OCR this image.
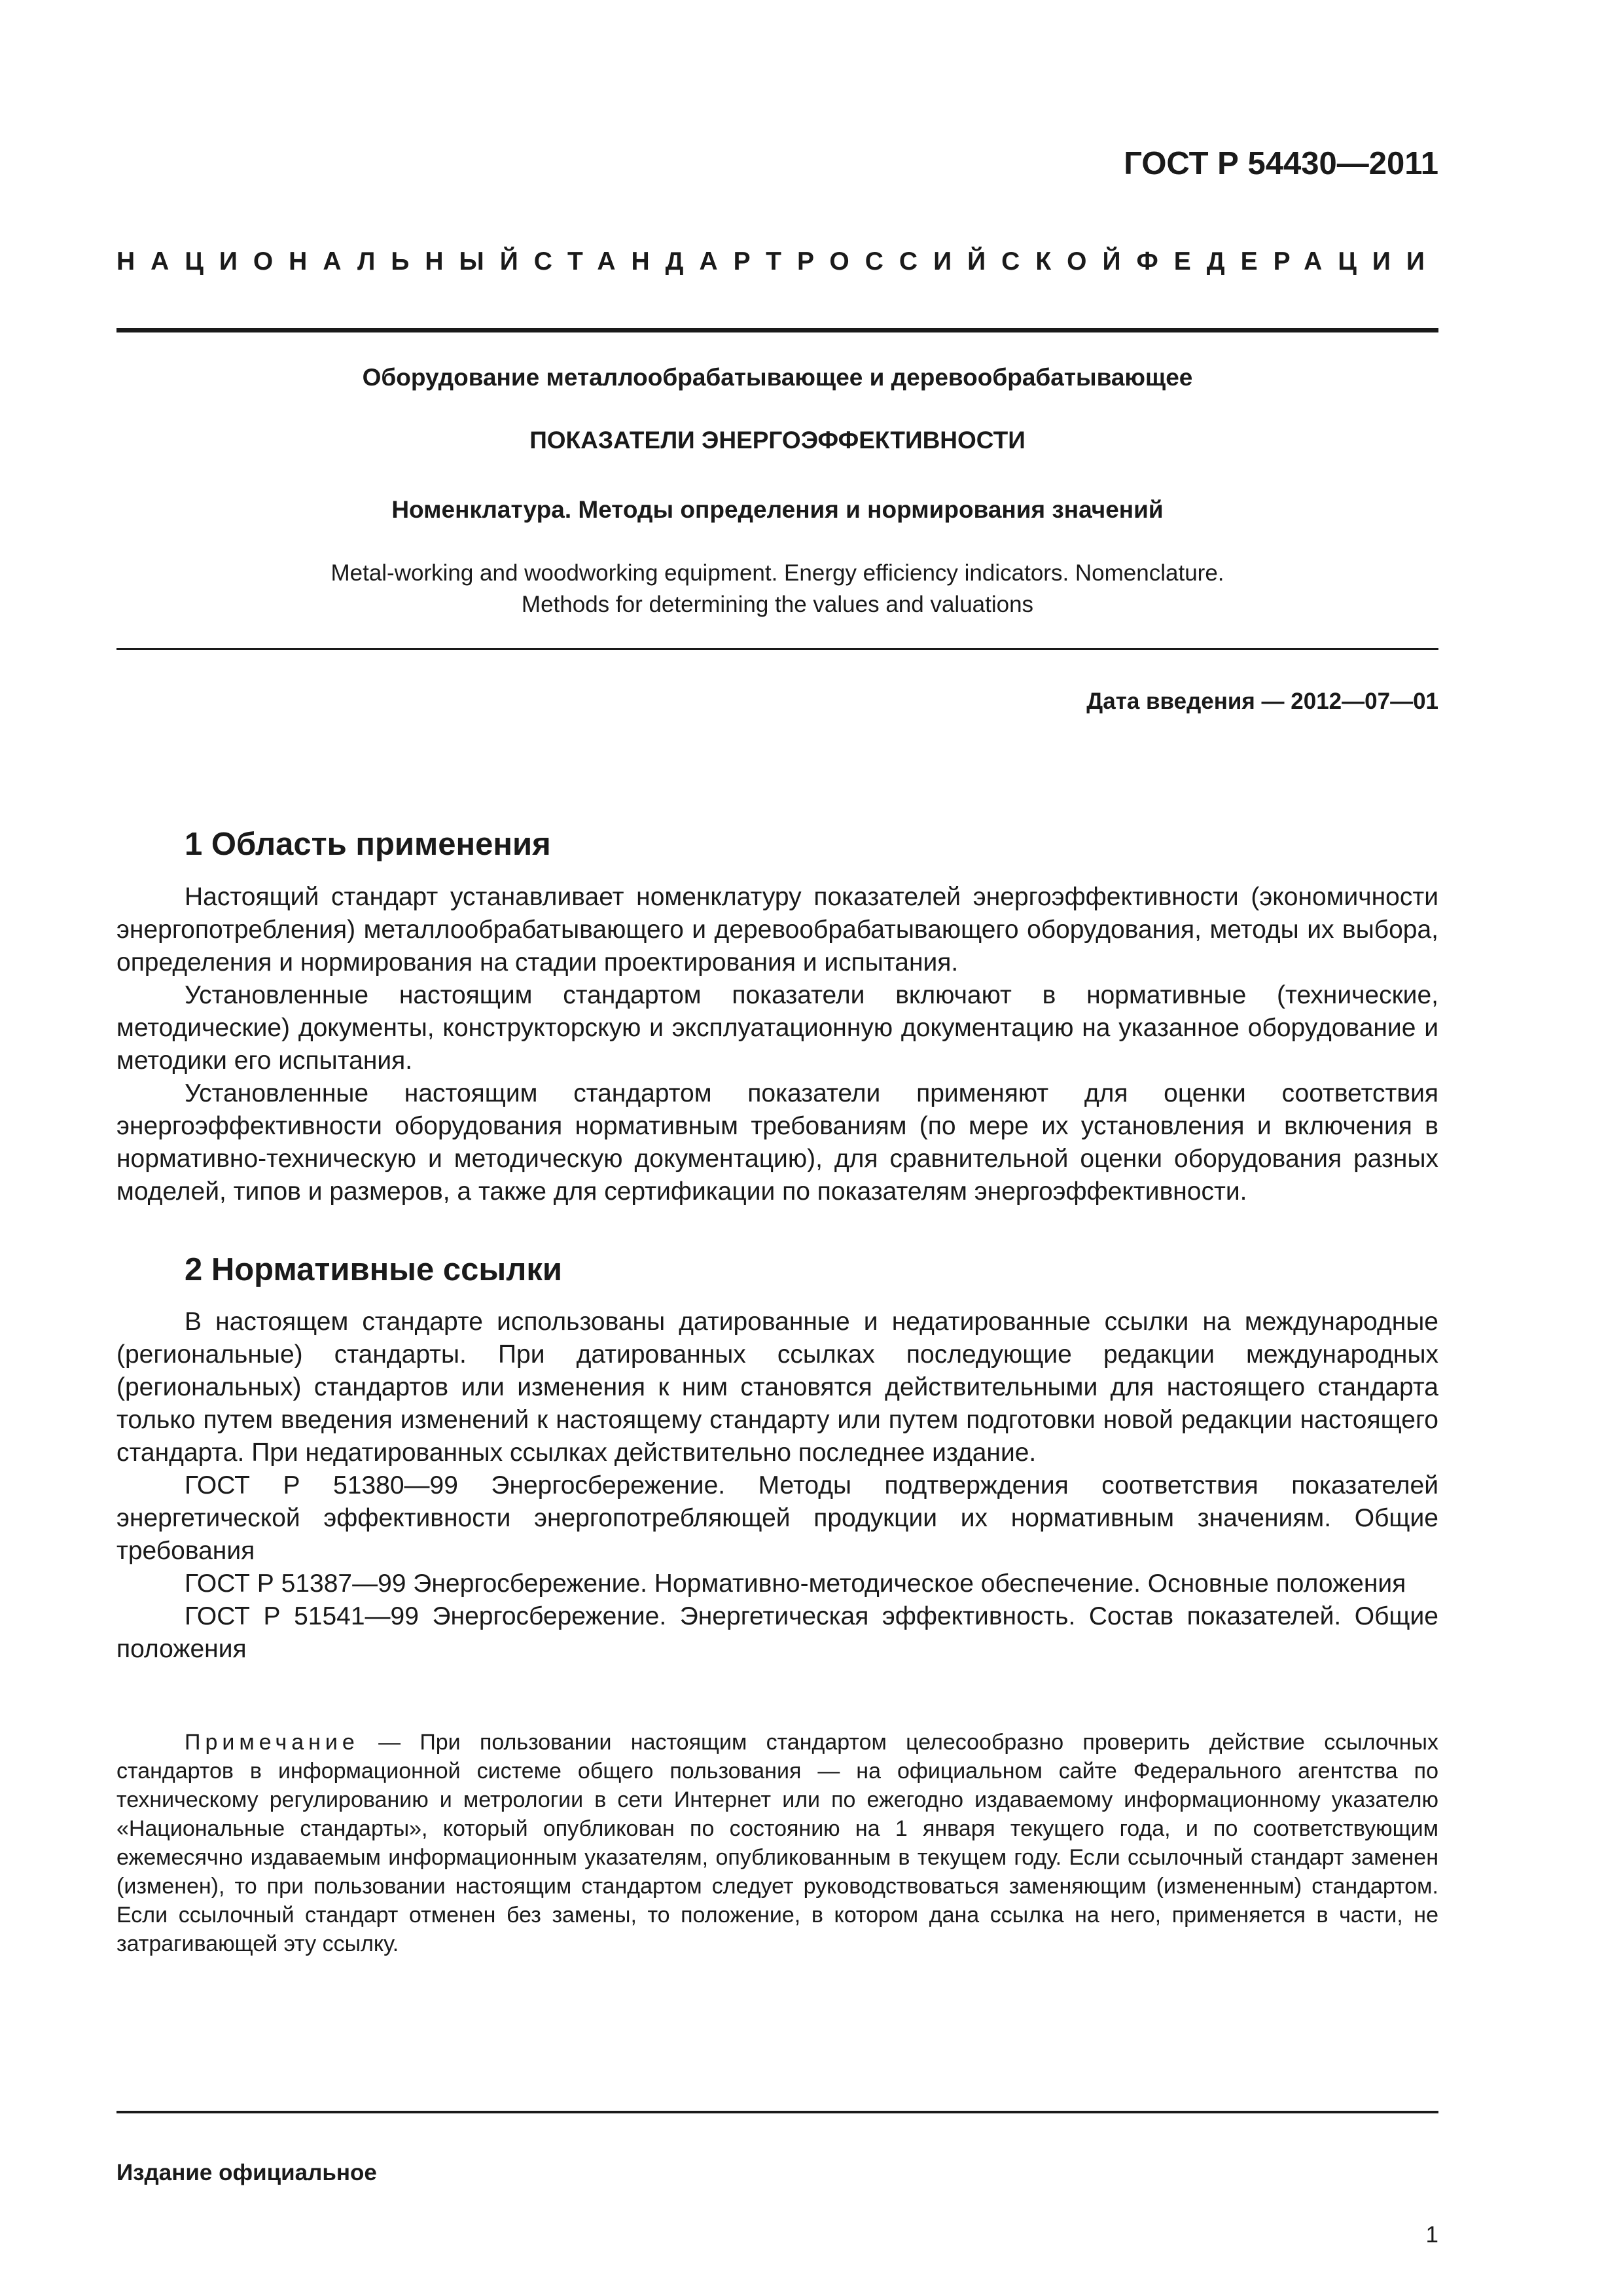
ГОСТ Р 54430—2011
НАЦИОНАЛЬНЫЙ СТАНДАРТ РОССИЙСКОЙ ФЕДЕРАЦИИ
Оборудование металлообрабатывающее и деревообрабатывающее
ПОКАЗАТЕЛИ ЭНЕРГОЭФФЕКТИВНОСТИ
Номенклатура. Методы определения и нормирования значений
Metal-working and woodworking equipment. Energy efficiency indicators. Nomenclature.
Methods for determining the values and valuations
Дата введения — 2012—07—01
1 Область применения

Настоящий стандарт устанавливает номенклатуру показателей энергоэффективности (экономичности энергопотребления) металлообрабатывающего и деревообрабатывающего оборудования, методы их выбора, определения и нормирования на стадии проектирования и испытания.

Установленные настоящим стандартом показатели включают в нормативные (технические, методические) документы, конструкторскую и эксплуатационную документацию на указанное оборудование и методики его испытания.

Установленные настоящим стандартом показатели применяют для оценки соответствия энергоэффективности оборудования нормативным требованиям (по мере их установления и включения в нормативно-техническую и методическую документацию), для сравнительной оценки оборудования разных моделей, типов и размеров, а также для сертификации по показателям энергоэффективности.

2 Нормативные ссылки

В настоящем стандарте использованы датированные и недатированные ссылки на международные (региональные) стандарты. При датированных ссылках последующие редакции международных (региональных) стандартов или изменения к ним становятся действительными для настоящего стандарта только путем введения изменений к настоящему стандарту или путем подготовки новой редакции настоящего стандарта. При недатированных ссылках действительно последнее издание.

ГОСТ Р 51380—99 Энергосбережение. Методы подтверждения соответствия показателей энергетической эффективности энергопотребляющей продукции их нормативным значениям. Общие требования

ГОСТ Р 51387—99 Энергосбережение. Нормативно-методическое обеспечение. Основные положения

ГОСТ Р 51541—99 Энергосбережение. Энергетическая эффективность. Состав показателей. Общие положения

Примечание — При пользовании настоящим стандартом целесообразно проверить действие ссылочных стандартов в информационной системе общего пользования — на официальном сайте Федерального агентства по техническому регулированию и метрологии в сети Интернет или по ежегодно издаваемому информационному указателю «Национальные стандарты», который опубликован по состоянию на 1 января текущего года, и по соответствующим ежемесячно издаваемым информационным указателям, опубликованным в текущем году. Если ссылочный стандарт заменен (изменен), то при пользовании настоящим стандартом следует руководствоваться заменяющим (измененным) стандартом. Если ссылочный стандарт отменен без замены, то положение, в котором дана ссылка на него, применяется в части, не затрагивающей эту ссылку.

Издание официальное
1
